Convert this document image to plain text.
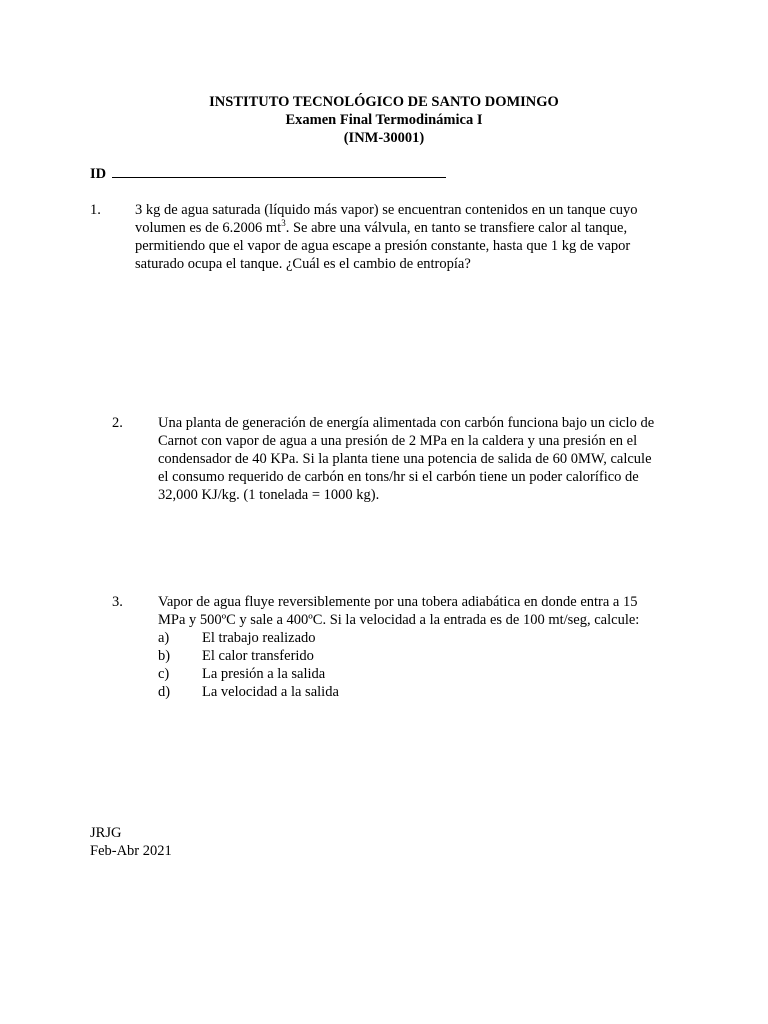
INSTITUTO TECNOLÓGICO DE SANTO DOMINGO
Examen Final Termodinámica I
(INM-30001)
ID
1. 3 kg de agua saturada (líquido más vapor) se encuentran contenidos en un tanque cuyo
volumen es de 6.2006 $mt^3$. Se abre una válvula, en tanto se transfiere calor al tanque,
permitiendo que el vapor de agua escape a presión constante, hasta que 1 kg de vapor
saturado ocupa el tanque. ¿Cuál es el cambio de entropía?
2. Una planta de generación de energía alimentada con carbón funciona bajo un ciclo de
Carnot con vapor de agua a una presión de 2 MPa en la caldera y una presión en el
condensador de 40 KPa. Si la planta tiene una potencia de salida de 60 0MW, calcule
el consumo requerido de carbón en tons/hr si el carbón tiene un poder calorífico de
32,000 KJ/kg. (1 tonelada = 1000 kg).
3. Vapor de agua fluye reversiblemente por una tobera adiabática en donde entra a 15
MPa y 500ºC y sale a 400ºC. Si la velocidad a la entrada es de 100 mt/seg, calcule:
a) El trabajo realizado
b) El calor transferido
c) La presión a la salida
d) La velocidad a la salida
JRJG
Feb-Abr 2021
